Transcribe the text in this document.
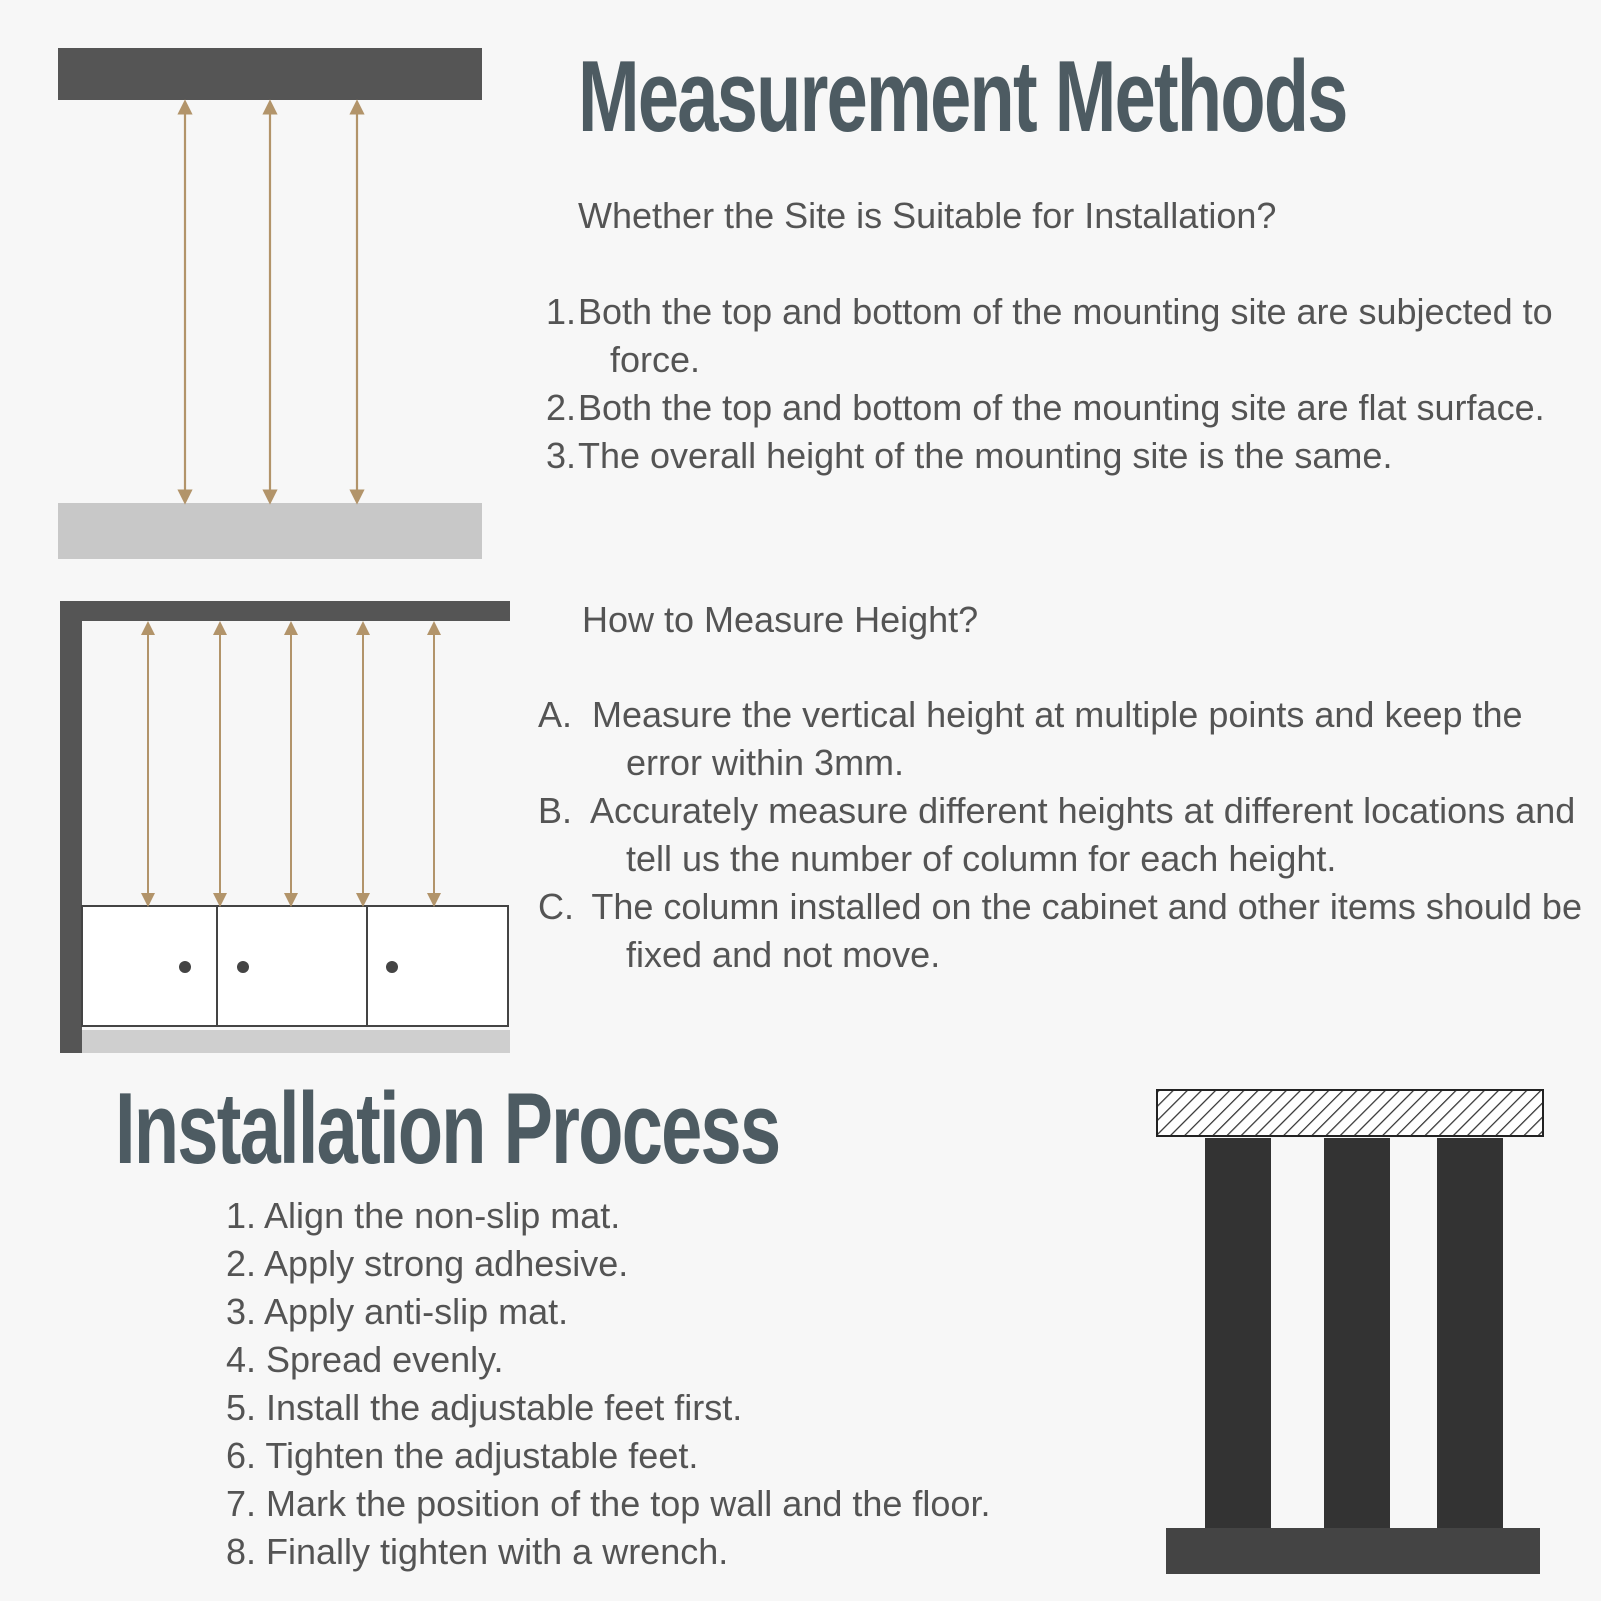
Measurement Methods

Whether the Site is Suitable for Installation?

1.Both the top and bottom of the mounting site are subjected to force.
2.Both the top and bottom of the mounting site are flat surface.
3.The overall height of the mounting site is the same.

How to Measure Height?

A. Measure the vertical height at multiple points and keep the error within 3mm.
B. Accurately measure different heights at different locations and tell us the number of column for each height.
C. The column installed on the cabinet and other items should be fixed and not move.
Installation Process
1. Align the non-slip mat.
2. Apply strong adhesive.
3. Apply anti-slip mat.
4. Spread evenly.
5. Install the adjustable feet first.
6. Tighten the adjustable feet.
7. Mark the position of the top wall and the floor.
8. Finally tighten with a wrench.
